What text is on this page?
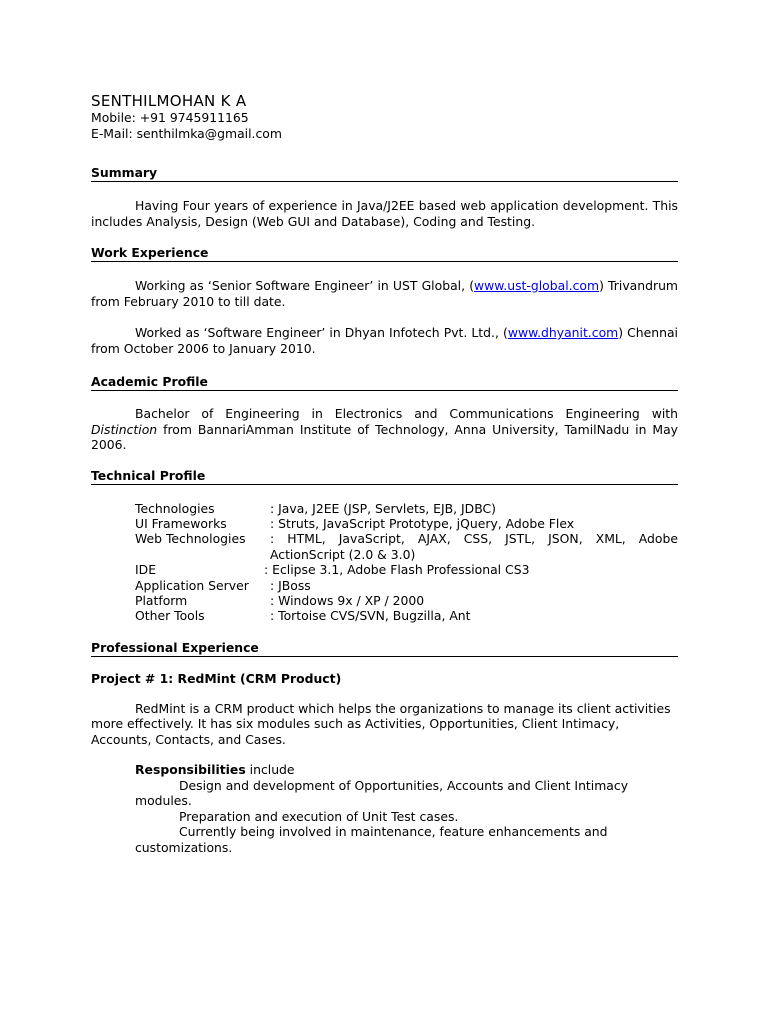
SENTHILMOHAN K A
Mobile: +91 9745911165
E-Mail: senthilmka@gmail.com
Summary

Having Four years of experience in Java/J2EE based web application development. This includes Analysis, Design (Web GUI and Database), Coding and Testing.

Work Experience

Working as ‘Senior Software Engineer’ in UST Global, (www.ust-global.com) Trivandrum from February 2010 to till date.

Worked as ‘Software Engineer’ in Dhyan Infotech Pvt. Ltd., (www.dhyanit.com) Chennai from October 2006 to January 2010.

Academic Profile

Bachelor of Engineering in Electronics and Communications Engineering with Distinction from BannariAmman Institute of Technology, Anna University, TamilNadu in May 2006.

Technical Profile
Technologies	: Java, J2EE (JSP, Servlets, EJB, JDBC)
UI Frameworks	: Struts, JavaScript Prototype, jQuery, Adobe Flex
Web Technologies	: HTML, JavaScript, AJAX, CSS, JSTL, JSON, XML, Adobe ActionScript (2.0 & 3.0)
IDE	: Eclipse 3.1, Adobe Flash Professional CS3
Application Server	: JBoss
Platform	: Windows 9x / XP / 2000
Other Tools	: Tortoise CVS/SVN, Bugzilla, Ant
Professional Experience
Project # 1: RedMint (CRM Product)

RedMint is a CRM product which helps the organizations to manage its client activities more effectively. It has six modules such as Activities, Opportunities, Client Intimacy, Accounts, Contacts, and Cases.

Responsibilities include
Design and development of Opportunities, Accounts and Client Intimacy modules.
Preparation and execution of Unit Test cases.
Currently being involved in maintenance, feature enhancements and customizations.
